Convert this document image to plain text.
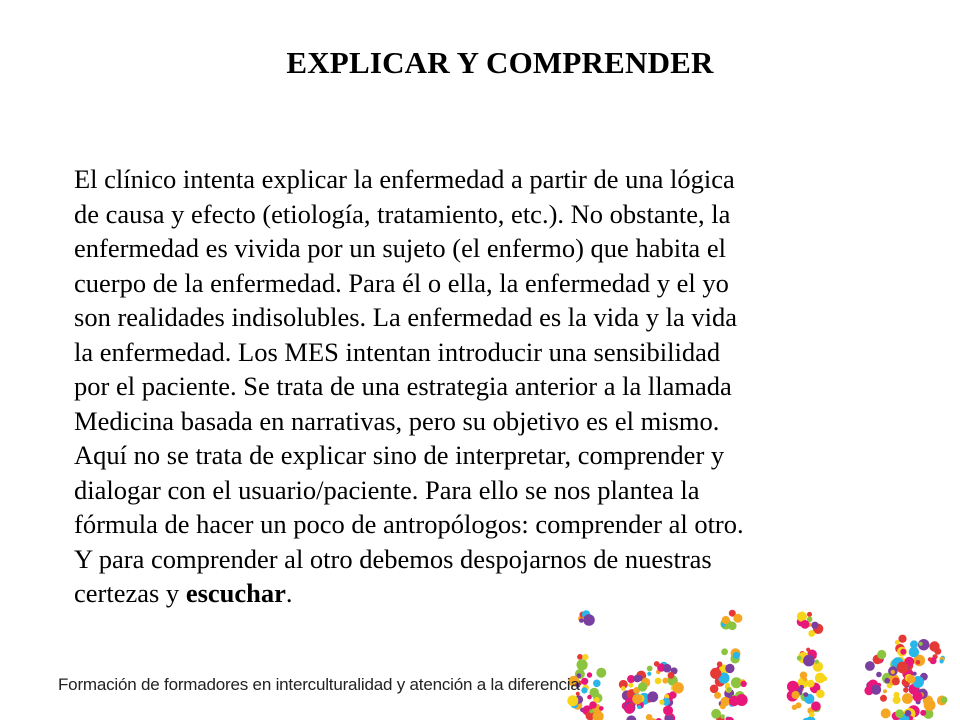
EXPLICAR Y COMPRENDER
El clínico intenta explicar la enfermedad a partir de una lógica
de causa y efecto (etiología, tratamiento, etc.). No obstante, la
enfermedad es vivida por un sujeto (el enfermo) que habita el
cuerpo de la enfermedad. Para él o ella, la enfermedad y el yo
son realidades indisolubles. La enfermedad es la vida y la vida
la enfermedad. Los MES intentan introducir una sensibilidad
por el paciente. Se trata de una estrategia anterior a la llamada
Medicina basada en narrativas, pero su objetivo es el mismo.
Aquí no se trata de explicar sino de interpretar, comprender y
dialogar con el usuario/paciente. Para ello se nos plantea la
fórmula de hacer un poco de antropólogos: comprender al otro.
Y para comprender al otro debemos despojarnos de nuestras
certezas y escuchar.
Formación de formadores en interculturalidad y atención a la diferencia
